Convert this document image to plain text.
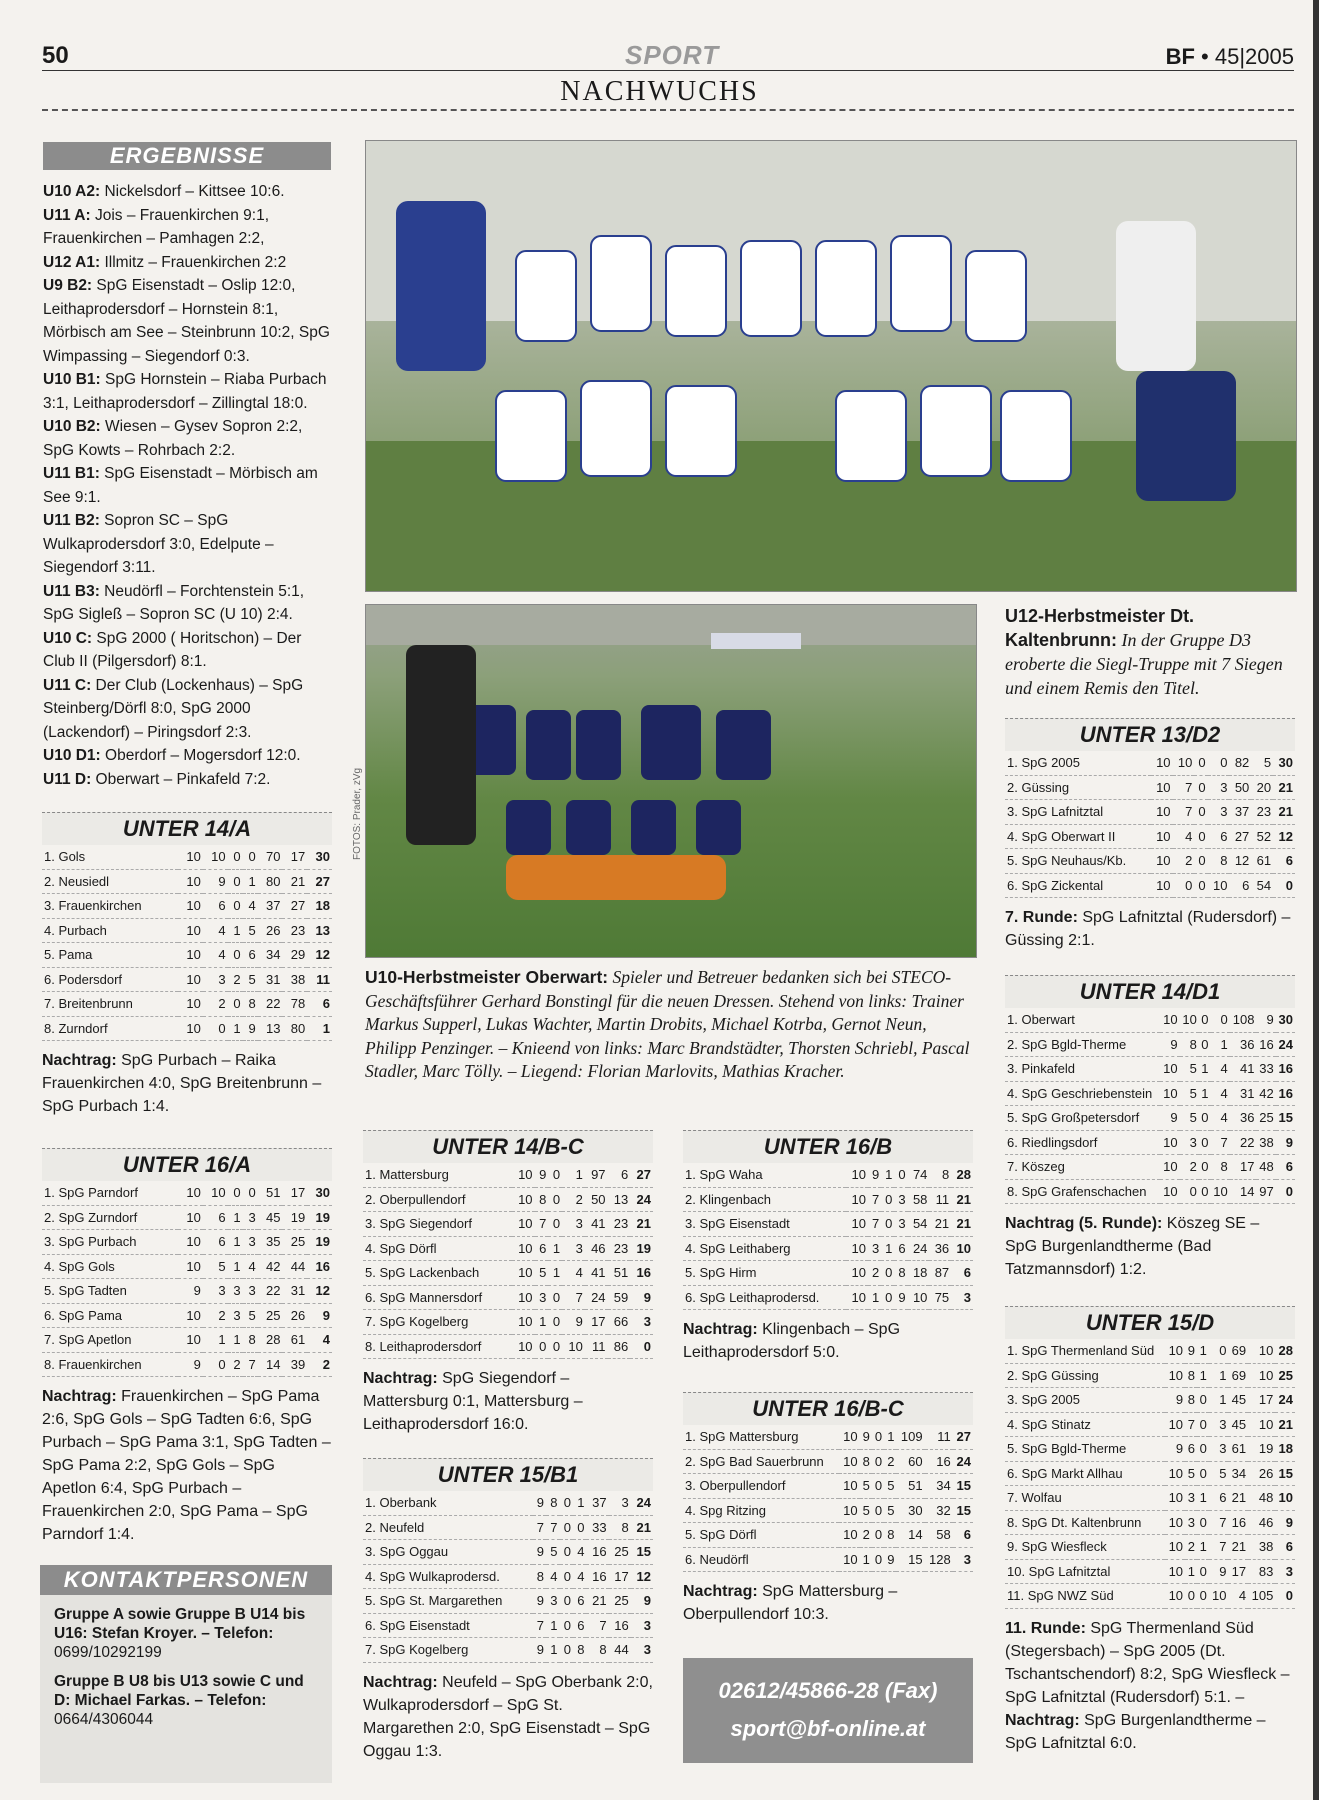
50	SPORT	BF • 45|2005
NACHWUCHS
ERGEBNISSE

U10 A2: Nickelsdorf – Kittsee 10:6.

U11 A: Jois – Frauenkirchen 9:1, Frauenkirchen – Pamhagen 2:2,

U12 A1: Illmitz – Frauenkirchen 2:2

U9 B2: SpG Eisenstadt – Oslip 12:0, Leithaprodersdorf – Hornstein 8:1, Mörbisch am See – Steinbrunn 10:2, SpG Wimpassing – Siegendorf 0:3.

U10 B1: SpG Hornstein – Riaba Purbach 3:1, Leithaprodersdorf – Zillingtal 18:0.

U10 B2: Wiesen – Gysev Sopron 2:2, SpG Kowts – Rohrbach 2:2.

U11 B1: SpG Eisenstadt – Mörbisch am See 9:1.

U11 B2: Sopron SC – SpG Wulkaprodersdorf 3:0, Edelpute – Siegendorf 3:11.

U11 B3: Neudörfl – Forchtenstein 5:1, SpG Sigleß – Sopron SC (U 10) 2:4.

U10 C: SpG 2000 ( Horitschon) – Der Club II (Pilgersdorf) 8:1.

U11 C: Der Club (Lockenhaus) – SpG Steinberg/Dörfl 8:0, SpG 2000 (Lackendorf) – Piringsdorf 2:3.

U10 D1: Oberdorf – Mogersdorf 12:0.

U11 D: Oberwart – Pinkafeld 7:2.

UNTER 14/A
1. Gols	10	10	0	0	70	17	30
2. Neusiedl	10	9	0	1	80	21	27
3. Frauenkirchen	10	6	0	4	37	27	18
4. Purbach	10	4	1	5	26	23	13
5. Pama	10	4	0	6	34	29	12
6. Podersdorf	10	3	2	5	31	38	11
7. Breitenbrunn	10	2	0	8	22	78	6
8. Zurndorf	10	0	1	9	13	80	1
Nachtrag: SpG Purbach – Raika Frauenkirchen 4:0, SpG Breitenbrunn – SpG Purbach 1:4.
UNTER 16/A
1. SpG Parndorf	10	10	0	0	51	17	30
2. SpG Zurndorf	10	6	1	3	45	19	19
3. SpG Purbach	10	6	1	3	35	25	19
4. SpG Gols	10	5	1	4	42	44	16
5. SpG Tadten	9	3	3	3	22	31	12
6. SpG Pama	10	2	3	5	25	26	9
7. SpG Apetlon	10	1	1	8	28	61	4
8. Frauenkirchen	9	0	2	7	14	39	2
Nachtrag: Frauenkirchen – SpG Pama 2:6, SpG Gols – SpG Tadten 6:6, SpG Purbach – SpG Pama 3:1, SpG Tadten – SpG Pama 2:2, SpG Gols – SpG Apetlon 6:4, SpG Purbach – Frauenkirchen 2:0, SpG Pama – SpG Parndorf 1:4.
FOTOS: Prader, zVg
U12-Herbstmeister Dt. Kaltenbrunn: In der Gruppe D3 eroberte die Siegl-Truppe mit 7 Siegen und einem Remis den Titel.
U10-Herbstmeister Oberwart: Spieler und Betreuer bedanken sich bei STECO-Geschäftsführer Gerhard Bonstingl für die neuen Dressen. Stehend von links: Trainer Markus Supperl, Lukas Wachter, Martin Drobits, Michael Kotrba, Gernot Neun, Philipp Penzinger. – Knieend von links: Marc Brandstädter, Thorsten Schriebl, Pascal Stadler, Marc Tölly. – Liegend: Florian Marlovits, Mathias Kracher.
UNTER 14/B-C
1. Mattersburg	10	9	0	1	97	6	27
2. Oberpullendorf	10	8	0	2	50	13	24
3. SpG Siegendorf	10	7	0	3	41	23	21
4. SpG Dörfl	10	6	1	3	46	23	19
5. SpG Lackenbach	10	5	1	4	41	51	16
6. SpG Mannersdorf	10	3	0	7	24	59	9
7. SpG Kogelberg	10	1	0	9	17	66	3
8. Leithaprodersdorf	10	0	0	10	11	86	0
Nachtrag: SpG Siegendorf – Mattersburg 0:1, Mattersburg – Leithaprodersdorf 16:0.
UNTER 15/B1
1. Oberbank	9	8	0	1	37	3	24
2. Neufeld	7	7	0	0	33	8	21
3. SpG Oggau	9	5	0	4	16	25	15
4. SpG Wulkaprodersd.	8	4	0	4	16	17	12
5. SpG St. Margarethen	9	3	0	6	21	25	9
6. SpG Eisenstadt	7	1	0	6	7	16	3
7. SpG Kogelberg	9	1	0	8	8	44	3
Nachtrag: Neufeld – SpG Oberbank 2:0, Wulkaprodersdorf – SpG St. Margarethen 2:0, SpG Eisenstadt – SpG Oggau 1:3.
UNTER 16/B
1. SpG Waha	10	9	1	0	74	8	28
2. Klingenbach	10	7	0	3	58	11	21
3. SpG Eisenstadt	10	7	0	3	54	21	21
4. SpG Leithaberg	10	3	1	6	24	36	10
5. SpG Hirm	10	2	0	8	18	87	6
6. SpG Leithaprodersd.	10	1	0	9	10	75	3
Nachtrag: Klingenbach – SpG Leithaprodersdorf 5:0.
UNTER 16/B-C
1. SpG Mattersburg	10	9	0	1	109	11	27
2. SpG Bad Sauerbrunn	10	8	0	2	60	16	24
3. Oberpullendorf	10	5	0	5	51	34	15
4. Spg Ritzing	10	5	0	5	30	32	15
5. SpG Dörfl	10	2	0	8	14	58	6
6. Neudörfl	10	1	0	9	15	128	3
Nachtrag: SpG Mattersburg – Oberpullendorf 10:3.
UNTER 13/D2
1. SpG 2005	10	10	0	0	82	5	30
2. Güssing	10	7	0	3	50	20	21
3. SpG Lafnitztal	10	7	0	3	37	23	21
4. SpG Oberwart II	10	4	0	6	27	52	12
5. SpG Neuhaus/Kb.	10	2	0	8	12	61	6
6. SpG Zickental	10	0	0	10	6	54	0
7. Runde: SpG Lafnitztal (Rudersdorf) – Güssing 2:1.
UNTER 14/D1
1. Oberwart	10	10	0	0	108	9	30
2. SpG Bgld-Therme	9	8	0	1	36	16	24
3. Pinkafeld	10	5	1	4	41	33	16
4. SpG Geschriebenstein	10	5	1	4	31	42	16
5. SpG Großpetersdorf	9	5	0	4	36	25	15
6. Riedlingsdorf	10	3	0	7	22	38	9
7. Köszeg	10	2	0	8	17	48	6
8. SpG Grafenschachen	10	0	0	10	14	97	0
Nachtrag (5. Runde): Köszeg SE – SpG Burgenlandtherme (Bad Tatzmannsdorf) 1:2.
UNTER 15/D
1. SpG Thermenland Süd	10	9	1	0	69	10	28
2. SpG Güssing	10	8	1	1	69	10	25
3. SpG 2005	9	8	0	1	45	17	24
4. SpG Stinatz	10	7	0	3	45	10	21
5. SpG Bgld-Therme	9	6	0	3	61	19	18
6. SpG Markt Allhau	10	5	0	5	34	26	15
7. Wolfau	10	3	1	6	21	48	10
8. SpG Dt. Kaltenbrunn	10	3	0	7	16	46	9
9. SpG Wiesfleck	10	2	1	7	21	38	6
10. SpG Lafnitztal	10	1	0	9	17	83	3
11. SpG NWZ Süd	10	0	0	10	4	105	0
11. Runde: SpG Thermenland Süd (Stegersbach) – SpG 2005 (Dt. Tschantschendorf) 8:2, SpG Wiesfleck – SpG Lafnitztal (Rudersdorf) 5:1. – Nachtrag: SpG Burgenlandtherme – SpG Lafnitztal 6:0.
KONTAKTPERSONEN

Gruppe A sowie Gruppe B U14 bis U16: Stefan Kroyer. – Telefon:
0699/10292199

Gruppe B U8 bis U13 sowie C und D: Michael Farkas. – Telefon:
0664/4306044

02612/45866-28 (Fax)
sport@bf-online.at
